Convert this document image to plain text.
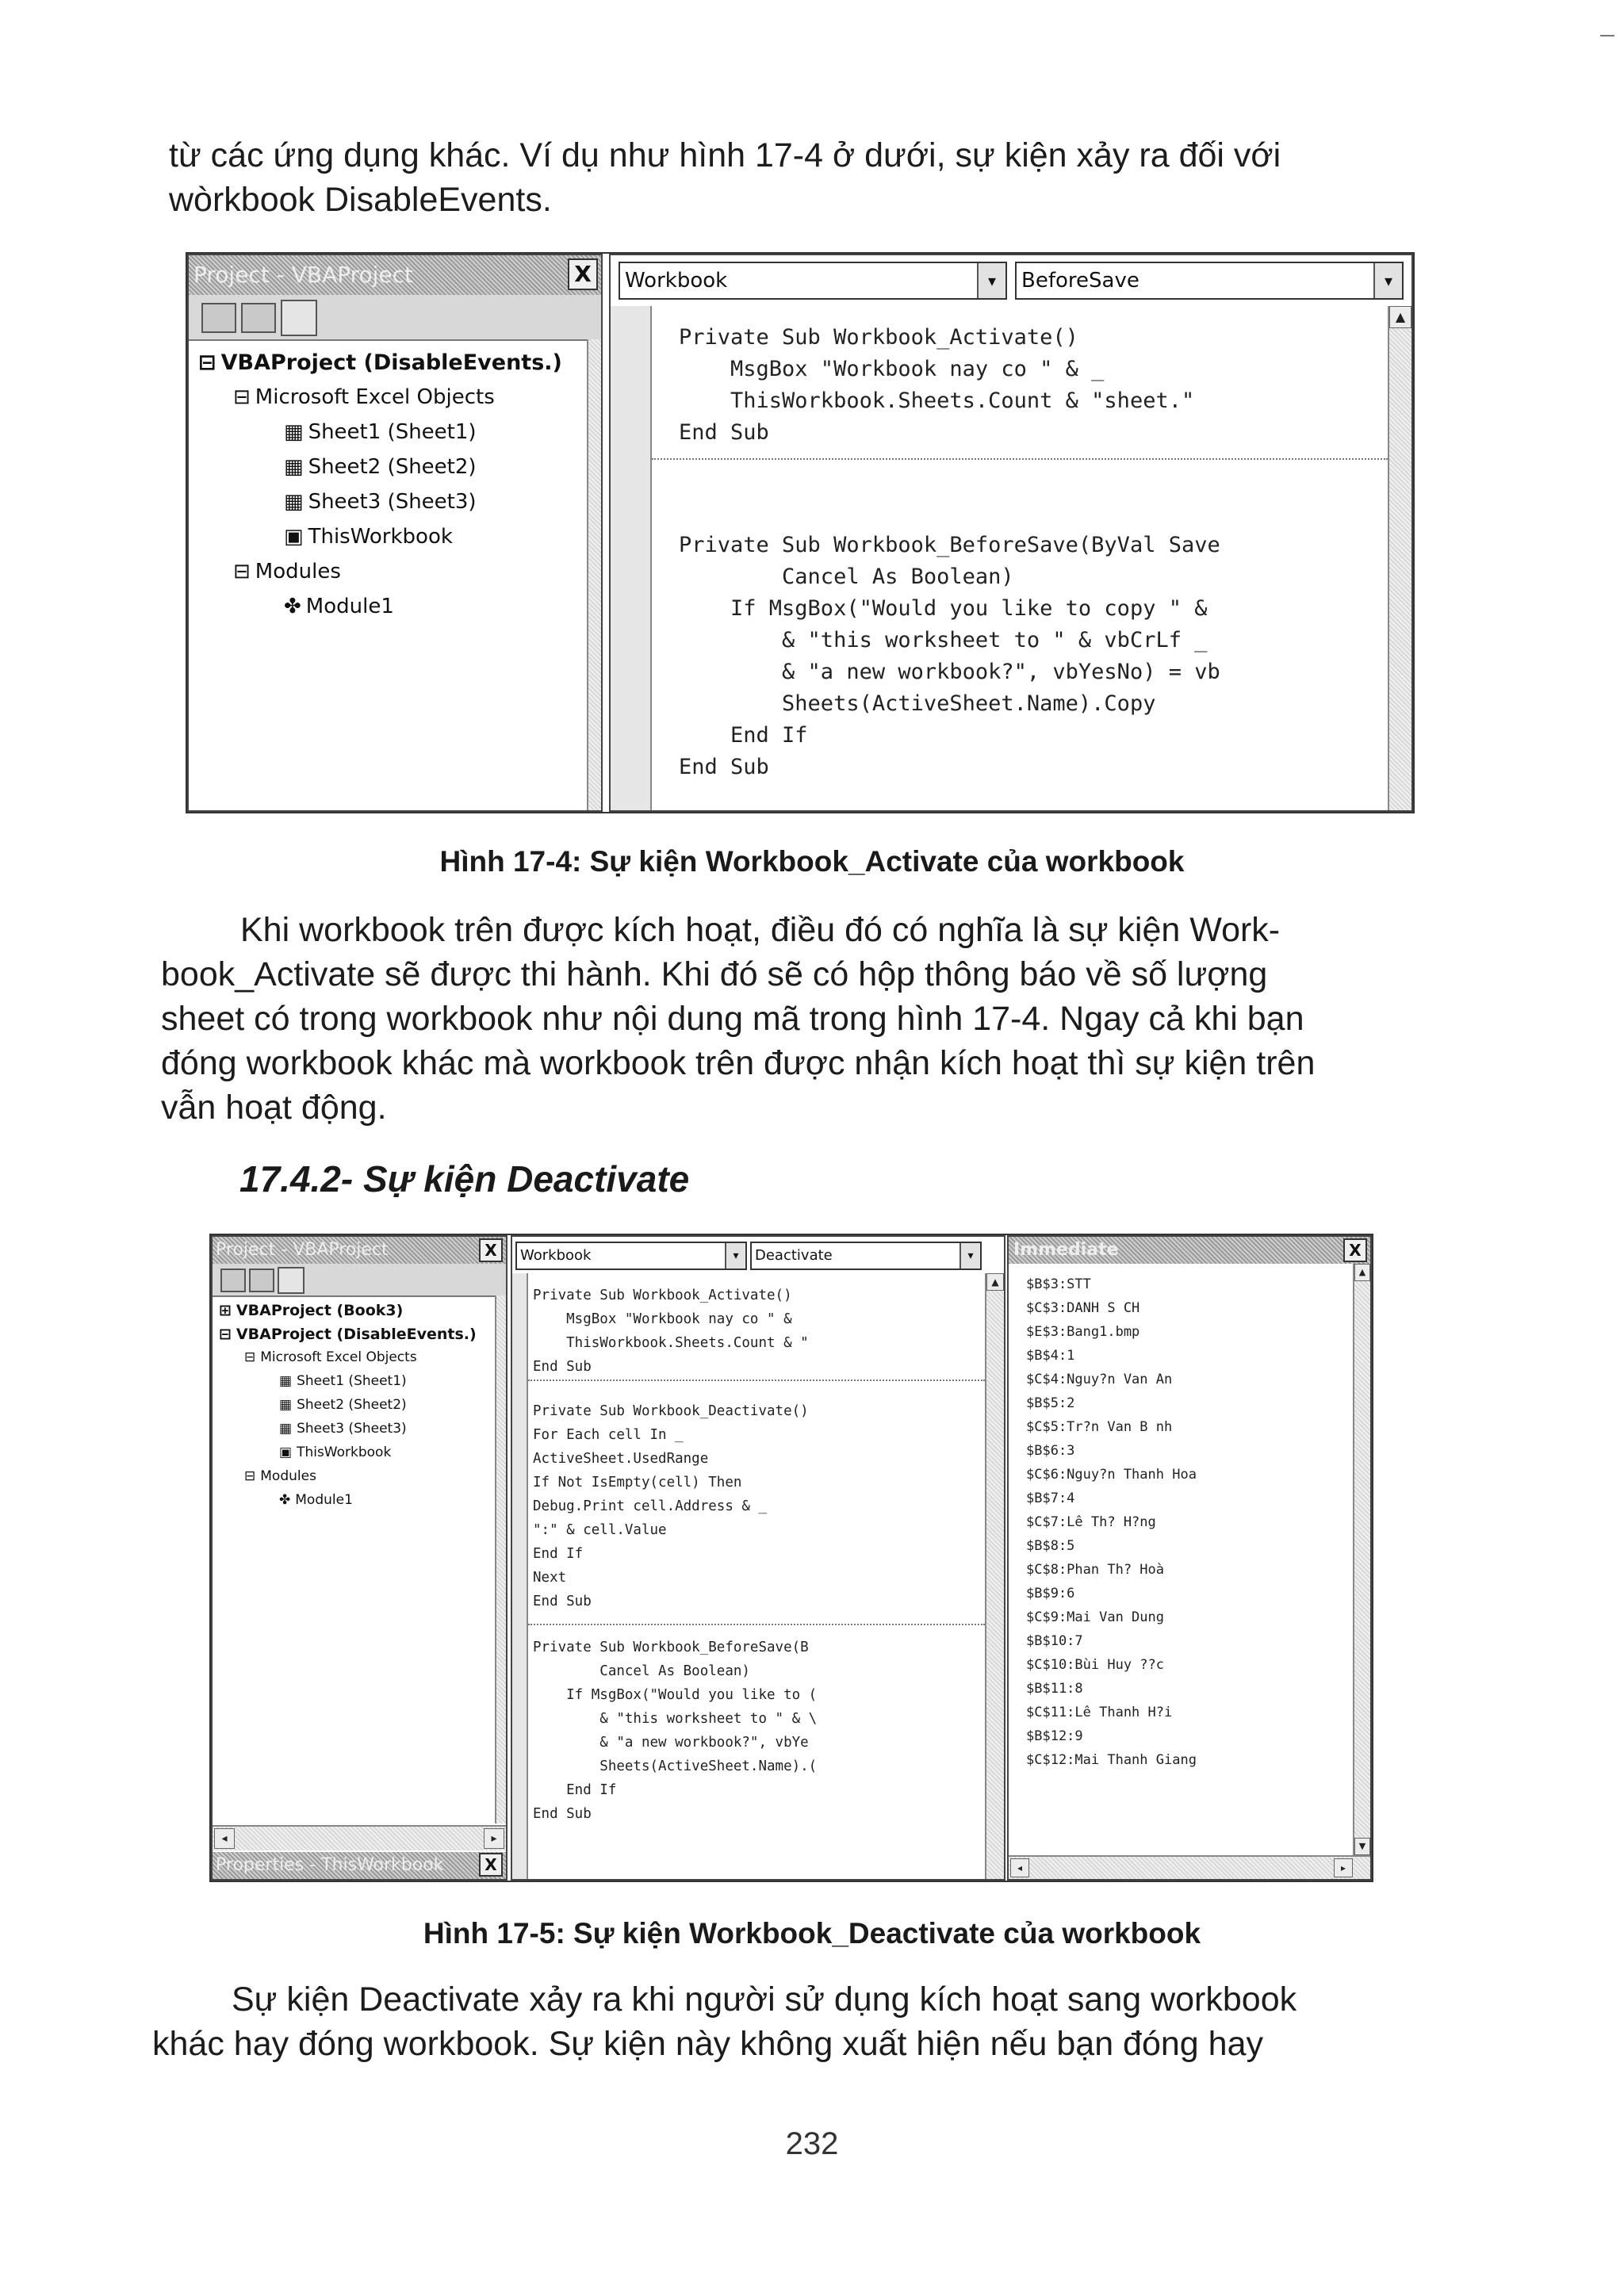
từ các ứng dụng khác. Ví dụ như hình 17-4 ở dưới, sự kiện xảy ra đối với
wòrkbook DisableEvents.
Project - VBAProject	X
⊟ VBAProject (DisableEvents.)
⊟ Microsoft Excel Objects
▦ Sheet1 (Sheet1)
▦ Sheet2 (Sheet2)
▦ Sheet3 (Sheet3)
▣ ThisWorkbook
⊟ Modules
✤ Module1
Workbook	▾	BeforeSave	▾
▲

Private Sub Workbook_Activate()

MsgBox "Workbook nay co " & _

ThisWorkbook.Sheets.Count & "sheet."

End Sub

Private Sub Workbook_BeforeSave(ByVal Save

Cancel As Boolean)

If MsgBox("Would you like to copy " &

& "this worksheet to " & vbCrLf _

& "a new workbook?", vbYesNo) = vb

Sheets(ActiveSheet.Name).Copy

End If

End Sub

Hình 17-4: Sự kiện Workbook_Activate của workbook
Khi workbook trên được kích hoạt, điều đó có nghĩa là sự kiện Work-
book_Activate sẽ được thi hành. Khi đó sẽ có hộp thông báo về số lượng
sheet có trong workbook như nội dung mã trong hình 17-4. Ngay cả khi bạn
đóng workbook khác mà workbook trên được nhận kích hoạt thì sự kiện trên
vẫn hoạt động.
17.4.2- Sự kiện Deactivate
Project - VBAProject	X
⊞ VBAProject (Book3)
⊟ VBAProject (DisableEvents.)
⊟ Microsoft Excel Objects
▦ Sheet1 (Sheet1)
▦ Sheet2 (Sheet2)
▦ Sheet3 (Sheet3)
▣ ThisWorkbook
⊟ Modules
✤ Module1
◂	▸
Properties - ThisWorkbook	X
Workbook	▾	Deactivate	▾
▲

Private Sub Workbook_Activate()

MsgBox "Workbook nay co " &

ThisWorkbook.Sheets.Count & "

End Sub

Private Sub Workbook_Deactivate()

For Each cell In _

ActiveSheet.UsedRange

If Not IsEmpty(cell) Then

Debug.Print cell.Address & _

":" & cell.Value

End If

Next

End Sub

Private Sub Workbook_BeforeSave(B

Cancel As Boolean)

If MsgBox("Would you like to (

& "this worksheet to " & \

& "a new workbook?", vbYe

Sheets(ActiveSheet.Name).(

End If

End Sub

Immediate	X
▲
▼
◂	▸

$B$3:STT

$C$3:DANH S CH

$E$3:Bang1.bmp

$B$4:1

$C$4:Nguy?n Van An

$B$5:2

$C$5:Tr?n Van B nh

$B$6:3

$C$6:Nguy?n Thanh Hoa

$B$7:4

$C$7:Lê Th? H?ng

$B$8:5

$C$8:Phan Th? Hoà

$B$9:6

$C$9:Mai Van Dung

$B$10:7

$C$10:Bùi Huy ??c

$B$11:8

$C$11:Lê Thanh H?i

$B$12:9

$C$12:Mai Thanh Giang

Hình 17-5: Sự kiện Workbook_Deactivate của workbook
Sự kiện Deactivate xảy ra khi người sử dụng kích hoạt sang workbook
khác hay đóng workbook. Sự kiện này không xuất hiện nếu bạn đóng hay
232
